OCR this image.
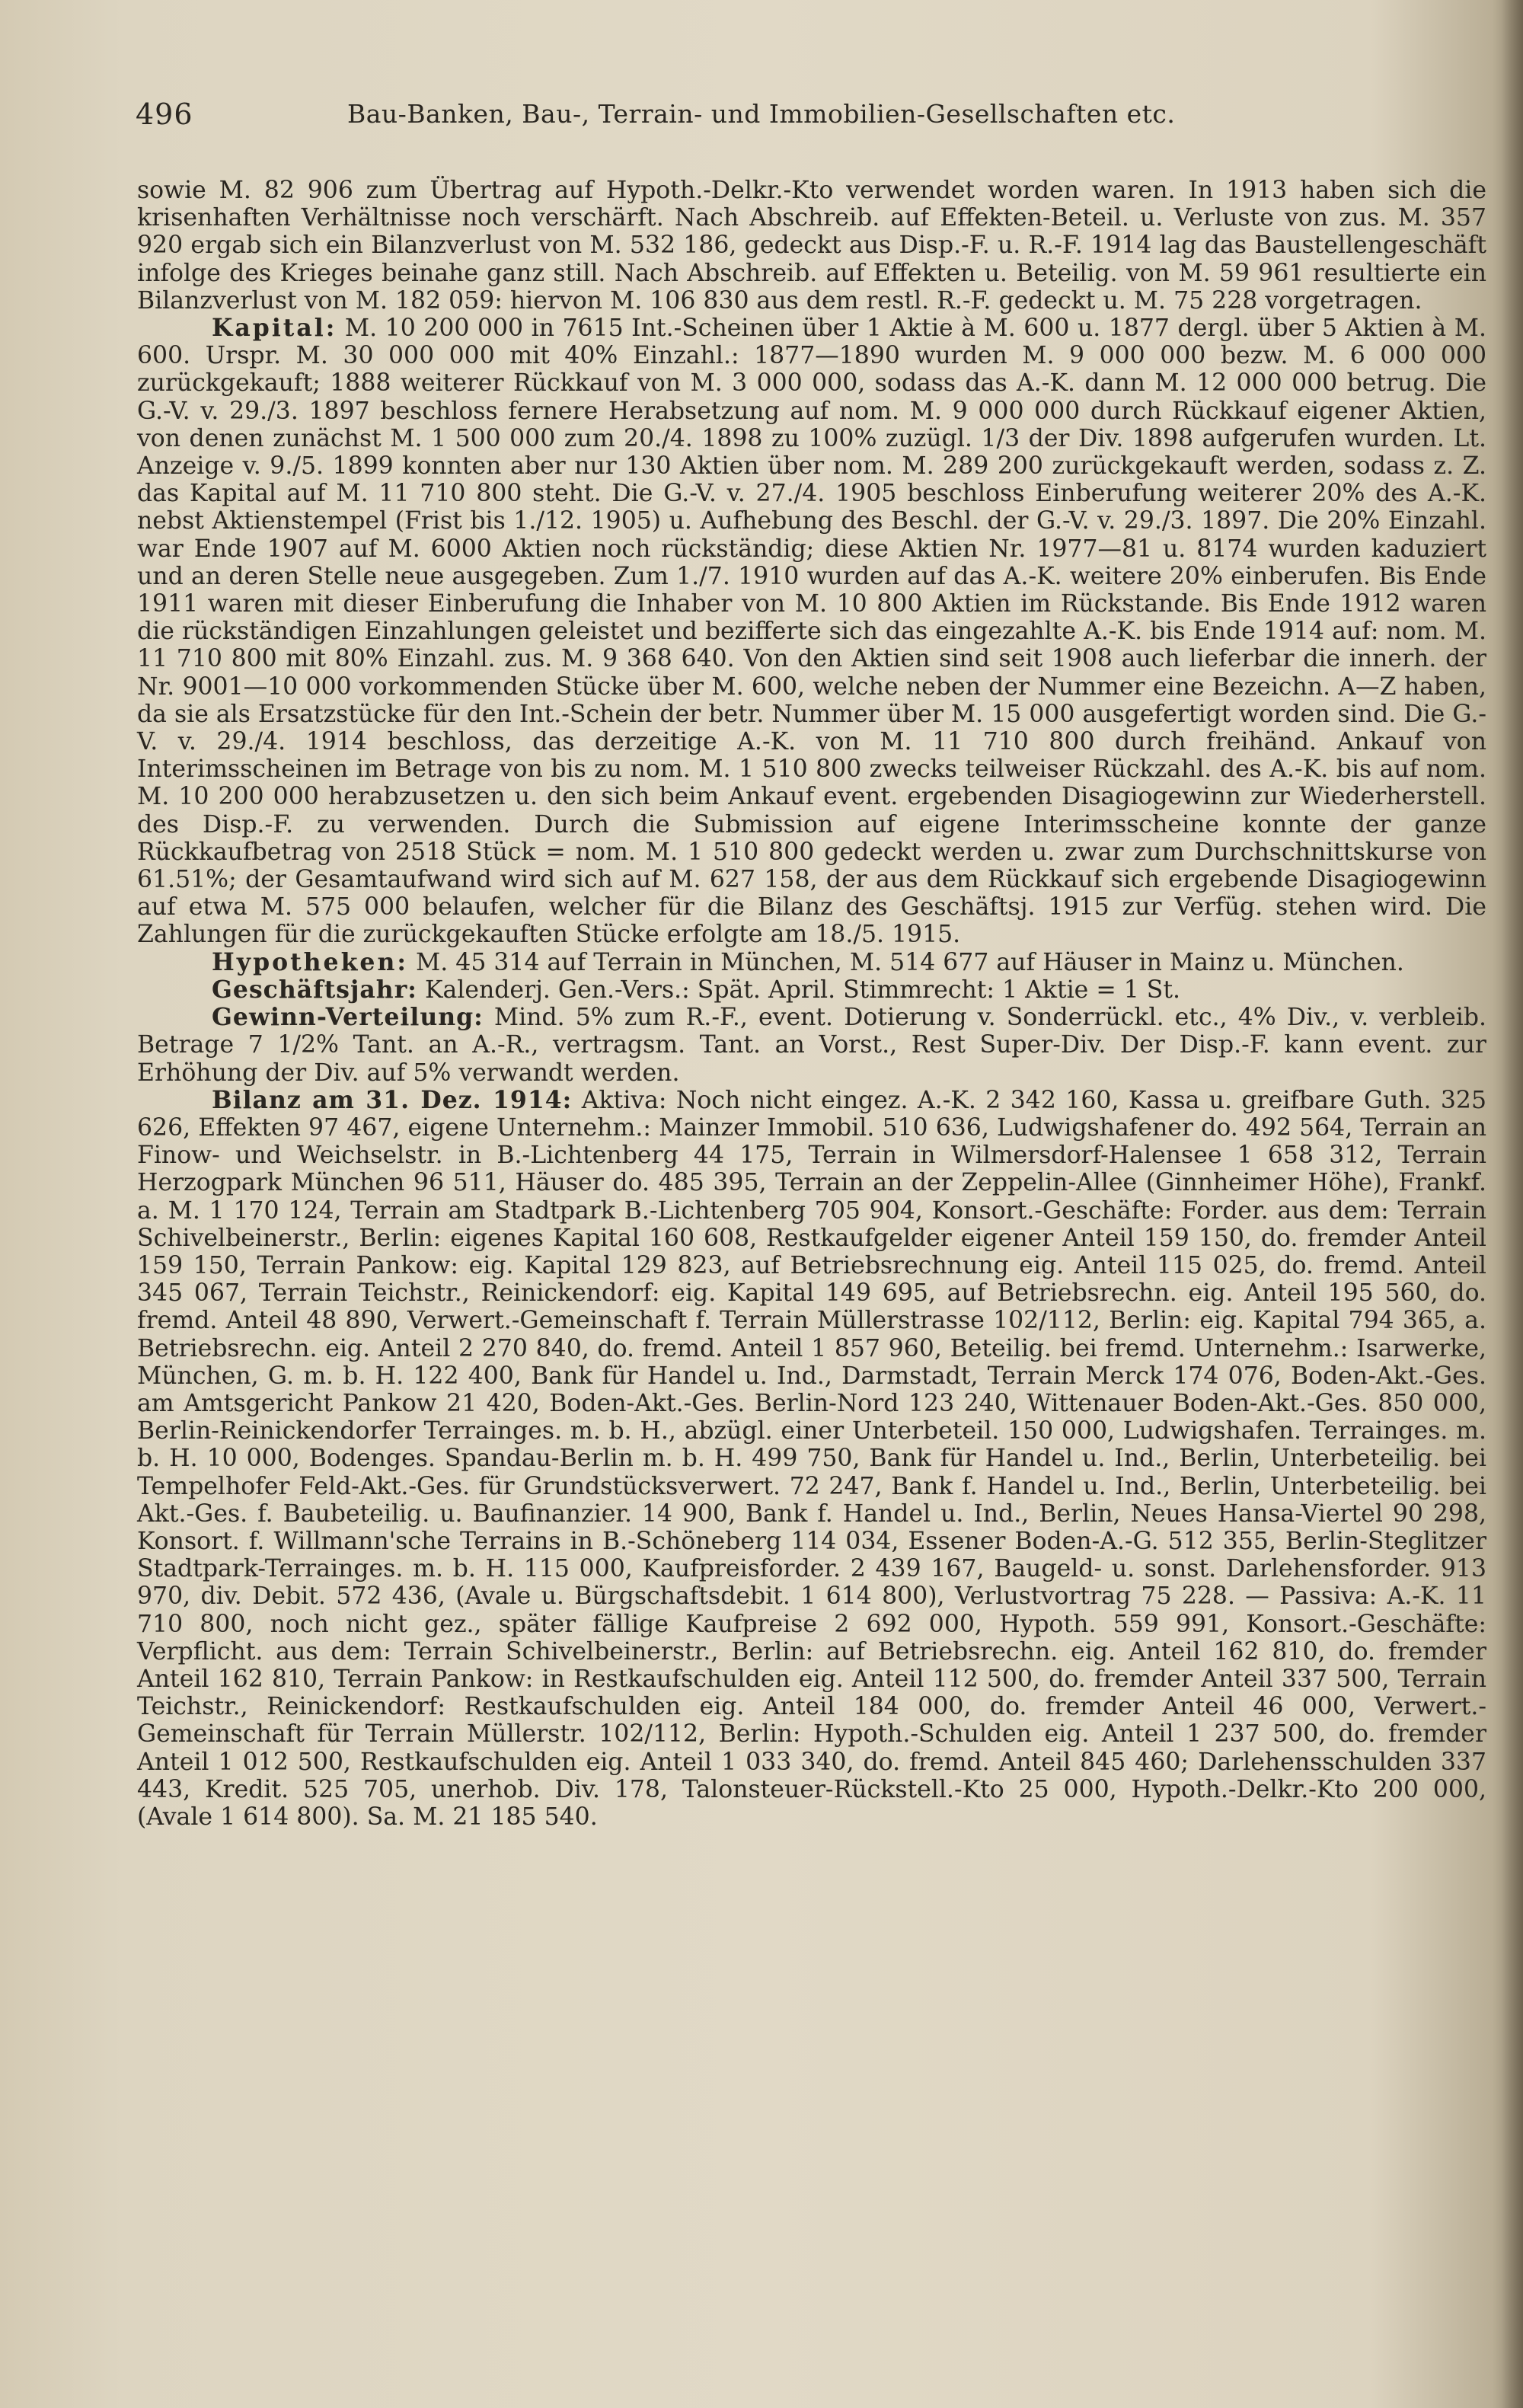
496	Bau-Banken, Bau-, Terrain- und Immobilien-Gesellschaften etc.

sowie M. 82 906 zum Übertrag auf Hypoth.-Delkr.-Kto verwendet worden waren. In 1913 haben sich die krisenhaften Verhältnisse noch verschärft. Nach Abschreib. auf Effekten-Beteil. u. Verluste von zus. M. 357 920 ergab sich ein Bilanzverlust von M. 532 186, gedeckt aus Disp.-F. u. R.-F. 1914 lag das Baustellengeschäft infolge des Krieges beinahe ganz still. Nach Abschreib. auf Effekten u. Beteilig. von M. 59 961 resultierte ein Bilanzverlust von M. 182 059: hiervon M. 106 830 aus dem restl. R.-F. gedeckt u. M. 75 228 vorgetragen.

Kapital: M. 10 200 000 in 7615 Int.-Scheinen über 1 Aktie à M. 600 u. 1877 dergl. über 5 Aktien à M. 600. Urspr. M. 30 000 000 mit 40% Einzahl.: 1877—1890 wurden M. 9 000 000 bezw. M. 6 000 000 zurückgekauft; 1888 weiterer Rückkauf von M. 3 000 000, sodass das A.-K. dann M. 12 000 000 betrug. Die G.-V. v. 29./3. 1897 beschloss fernere Herabsetzung auf nom. M. 9 000 000 durch Rückkauf eigener Aktien, von denen zunächst M. 1 500 000 zum 20./4. 1898 zu 100% zuzügl. 1/3 der Div. 1898 aufgerufen wurden. Lt. Anzeige v. 9./5. 1899 konnten aber nur 130 Aktien über nom. M. 289 200 zurückgekauft werden, sodass z. Z. das Kapital auf M. 11 710 800 steht. Die G.-V. v. 27./4. 1905 beschloss Einberufung weiterer 20% des A.-K. nebst Aktienstempel (Frist bis 1./12. 1905) u. Aufhebung des Beschl. der G.-V. v. 29./3. 1897. Die 20% Einzahl. war Ende 1907 auf M. 6000 Aktien noch rückständig; diese Aktien Nr. 1977—81 u. 8174 wurden kaduziert und an deren Stelle neue ausgegeben. Zum 1./7. 1910 wurden auf das A.-K. weitere 20% einberufen. Bis Ende 1911 waren mit dieser Einberufung die Inhaber von M. 10 800 Aktien im Rückstande. Bis Ende 1912 waren die rückständigen Einzahlungen geleistet und bezifferte sich das eingezahlte A.-K. bis Ende 1914 auf: nom. M. 11 710 800 mit 80% Einzahl. zus. M. 9 368 640. Von den Aktien sind seit 1908 auch lieferbar die innerh. der Nr. 9001—10 000 vorkommenden Stücke über M. 600, welche neben der Nummer eine Bezeichn. A—Z haben, da sie als Ersatzstücke für den Int.-Schein der betr. Nummer über M. 15 000 ausgefertigt worden sind. Die G.-V. v. 29./4. 1914 beschloss, das derzeitige A.-K. von M. 11 710 800 durch freihänd. Ankauf von Interimsscheinen im Betrage von bis zu nom. M. 1 510 800 zwecks teilweiser Rückzahl. des A.-K. bis auf nom. M. 10 200 000 herabzusetzen u. den sich beim Ankauf event. ergebenden Disagiogewinn zur Wiederherstell. des Disp.-F. zu verwenden. Durch die Submission auf eigene Interimsscheine konnte der ganze Rückkaufbetrag von 2518 Stück = nom. M. 1 510 800 gedeckt werden u. zwar zum Durchschnittskurse von 61.51%; der Gesamtaufwand wird sich auf M. 627 158, der aus dem Rückkauf sich ergebende Disagiogewinn auf etwa M. 575 000 belaufen, welcher für die Bilanz des Geschäftsj. 1915 zur Verfüg. stehen wird. Die Zahlungen für die zurückgekauften Stücke erfolgte am 18./5. 1915.

Hypotheken: M. 45 314 auf Terrain in München, M. 514 677 auf Häuser in Mainz u. München.

Geschäftsjahr: Kalenderj. Gen.-Vers.: Spät. April. Stimmrecht: 1 Aktie = 1 St.

Gewinn-Verteilung: Mind. 5% zum R.-F., event. Dotierung v. Sonderrückl. etc., 4% Div., v. verbleib. Betrage 7 1/2% Tant. an A.-R., vertragsm. Tant. an Vorst., Rest Super-Div. Der Disp.-F. kann event. zur Erhöhung der Div. auf 5% verwandt werden.

Bilanz am 31. Dez. 1914: Aktiva: Noch nicht eingez. A.-K. 2 342 160, Kassa u. greifbare Guth. 325 626, Effekten 97 467, eigene Unternehm.: Mainzer Immobil. 510 636, Ludwigshafener do. 492 564, Terrain an Finow- und Weichselstr. in B.-Lichtenberg 44 175, Terrain in Wilmersdorf-Halensee 1 658 312, Terrain Herzogpark München 96 511, Häuser do. 485 395, Terrain an der Zeppelin-Allee (Ginnheimer Höhe), Frankf. a. M. 1 170 124, Terrain am Stadtpark B.-Lichtenberg 705 904, Konsort.-Geschäfte: Forder. aus dem: Terrain Schivelbeinerstr., Berlin: eigenes Kapital 160 608, Restkaufgelder eigener Anteil 159 150, do. fremder Anteil 159 150, Terrain Pankow: eig. Kapital 129 823, auf Betriebsrechnung eig. Anteil 115 025, do. fremd. Anteil 345 067, Terrain Teichstr., Reinickendorf: eig. Kapital 149 695, auf Betriebsrechn. eig. Anteil 195 560, do. fremd. Anteil 48 890, Verwert.-Gemeinschaft f. Terrain Müllerstrasse 102/112, Berlin: eig. Kapital 794 365, a. Betriebsrechn. eig. Anteil 2 270 840, do. fremd. Anteil 1 857 960, Beteilig. bei fremd. Unternehm.: Isarwerke, München, G. m. b. H. 122 400, Bank für Handel u. Ind., Darmstadt, Terrain Merck 174 076, Boden-Akt.-Ges. am Amtsgericht Pankow 21 420, Boden-Akt.-Ges. Berlin-Nord 123 240, Wittenauer Boden-Akt.-Ges. 850 000, Berlin-Reinickendorfer Terrainges. m. b. H., abzügl. einer Unterbeteil. 150 000, Ludwigshafen. Terrainges. m. b. H. 10 000, Bodenges. Spandau-Berlin m. b. H. 499 750, Bank für Handel u. Ind., Berlin, Unterbeteilig. bei Tempelhofer Feld-Akt.-Ges. für Grundstücksverwert. 72 247, Bank f. Handel u. Ind., Berlin, Unterbeteilig. bei Akt.-Ges. f. Baubeteilig. u. Baufinanzier. 14 900, Bank f. Handel u. Ind., Berlin, Neues Hansa-Viertel 90 298, Konsort. f. Willmann'sche Terrains in B.-Schöneberg 114 034, Essener Boden-A.-G. 512 355, Berlin-Steglitzer Stadtpark-Terrainges. m. b. H. 115 000, Kaufpreisforder. 2 439 167, Baugeld- u. sonst. Darlehensforder. 913 970, div. Debit. 572 436, (Avale u. Bürgschaftsdebit. 1 614 800), Verlustvortrag 75 228. — Passiva: A.-K. 11 710 800, noch nicht gez., später fällige Kaufpreise 2 692 000, Hypoth. 559 991, Konsort.-Geschäfte: Verpflicht. aus dem: Terrain Schivelbeinerstr., Berlin: auf Betriebsrechn. eig. Anteil 162 810, do. fremder Anteil 162 810, Terrain Pankow: in Restkaufschulden eig. Anteil 112 500, do. fremder Anteil 337 500, Terrain Teichstr., Reinickendorf: Restkaufschulden eig. Anteil 184 000, do. fremder Anteil 46 000, Verwert.-Gemeinschaft für Terrain Müllerstr. 102/112, Berlin: Hypoth.-Schulden eig. Anteil 1 237 500, do. fremder Anteil 1 012 500, Restkaufschulden eig. Anteil 1 033 340, do. fremd. Anteil 845 460; Darlehensschulden 337 443, Kredit. 525 705, unerhob. Div. 178, Talonsteuer-Rückstell.-Kto 25 000, Hypoth.-Delkr.-Kto 200 000, (Avale 1 614 800). Sa. M. 21 185 540.
